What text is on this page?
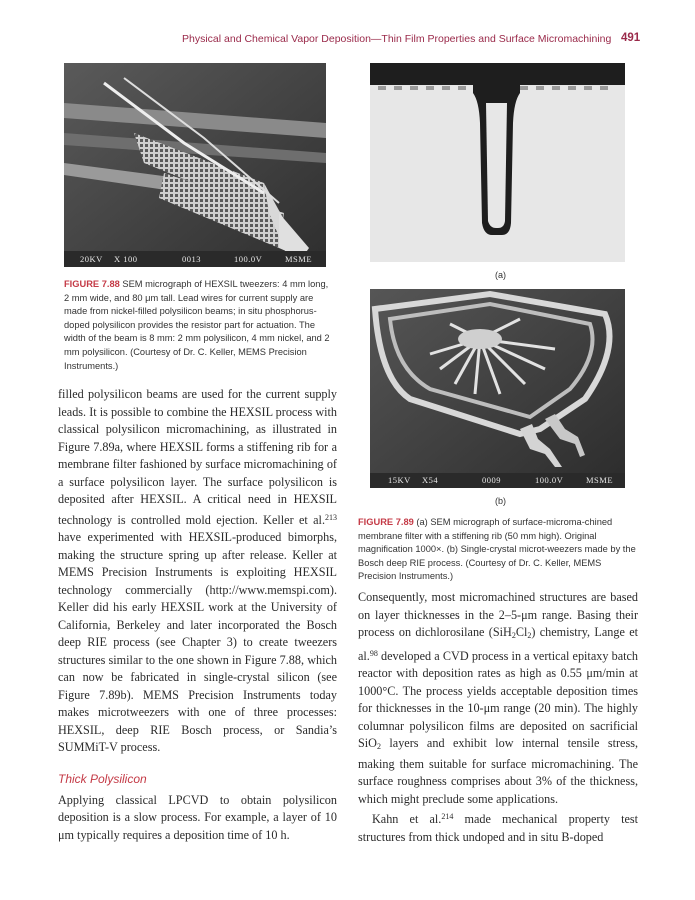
Physical and Chemical Vapor Deposition—Thin Film Properties and Surface Micromachining 491
20KV X 100	0013	100.0V	MSME
FIGURE 7.88 SEM micrograph of HEXSIL tweezers: 4 mm long, 2 mm wide, and 80 μm tall. Lead wires for current supply are made from nickel-filled polysilicon beams; in situ phosphorus-doped polysilicon provides the resistor part for actuation. The width of the beam is 8 mm: 2 mm polysilicon, 4 mm nickel, and 2 mm polysilicon. (Courtesy of Dr. C. Keller, MEMS Precision Instruments.)
(a)
15KV X54	0009	100.0V	MSME
(b)
FIGURE 7.89 (a) SEM micrograph of surface-microma-chined membrane filter with a stiffening rib (50 mm high). Original magnification 1000×. (b) Single-crystal microt-weezers made by the Bosch deep RIE process. (Courtesy of Dr. C. Keller, MEMS Precision Instruments.)

filled polysilicon beams are used for the current supply leads. It is possible to combine the HEXSIL process with classical polysilicon micromachining, as illustrated in Figure 7.89a, where HEXSIL forms a stiffening rib for a membrane filter fashioned by surface micromachining of a surface polysilicon layer. The surface polysilicon is deposited after HEXSIL. A critical need in HEXSIL technology is controlled mold ejection. Keller et al.$^{213}$ have experimented with HEXSIL-produced bimorphs, making the structure spring up after release. Keller at MEMS Precision Instruments is exploiting HEXSIL technology commercially (http://www.memspi.com). Keller did his early HEXSIL work at the University of California, Berkeley and later incorporated the Bosch deep RIE process (see Chapter 3) to create tweezers structures similar to the one shown in Figure 7.88, which can now be fabricated in single-crystal silicon (see Figure 7.89b). MEMS Precision Instruments today makes microtweezers with one of three processes: HEXSIL, deep RIE Bosch process, or Sandia’s SUMMiT-V process.

Thick Polysilicon

Applying classical LPCVD to obtain polysilicon deposition is a slow process. For example, a layer of 10 μm typically requires a deposition time of 10 h.

Consequently, most micromachined structures are based on layer thicknesses in the 2–5-μm range. Basing their process on dichlorosilane $(SiH_2Cl_2)$ chemistry, Lange et al.$^{98}$ developed a CVD process in a vertical epitaxy batch reactor with deposition rates as high as 0.55 μm/min at 1000°C. The process yields acceptable deposition times for thicknesses in the 10-μm range (20 min). The highly columnar polysilicon films are deposited on sacrificial SiO$_2$ layers and exhibit low internal tensile stress, making them suitable for surface micromachining. The surface roughness comprises about 3% of the thickness, which might preclude some applications.

Kahn et al.$^{214}$ made mechanical property test structures from thick undoped and in situ B-doped
